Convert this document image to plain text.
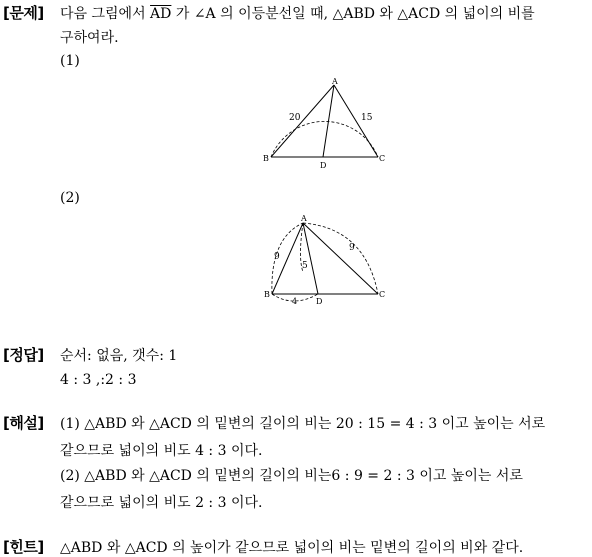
[문제] 다음 그림에서 $\overline{AD}$ 가 ∠A 의 이등분선일 때, △ABD 와 △ACD 의 넓이의 비를
구하여라.
(1)
A
B	C
D
20	15
(2)
A
B	C
D
9
9
5
4
[정답] 순서: 없음, 갯수: 1
4 : 3 ,:2 : 3
[해설] (1) △ABD 와 △ACD 의 밑변의 길이의 비는 20 : 15 = 4 : 3 이고 높이는 서로
같으므로 넓이의 비도 4 : 3 이다.
(2) △ABD 와 △ACD 의 밑변의 길이의 비는6 : 9 = 2 : 3 이고 높이는 서로
같으므로 넓이의 비도 2 : 3 이다.
[힌트] △ABD 와 △ACD 의 높이가 같으므로 넓이의 비는 밑변의 길이의 비와 같다.
